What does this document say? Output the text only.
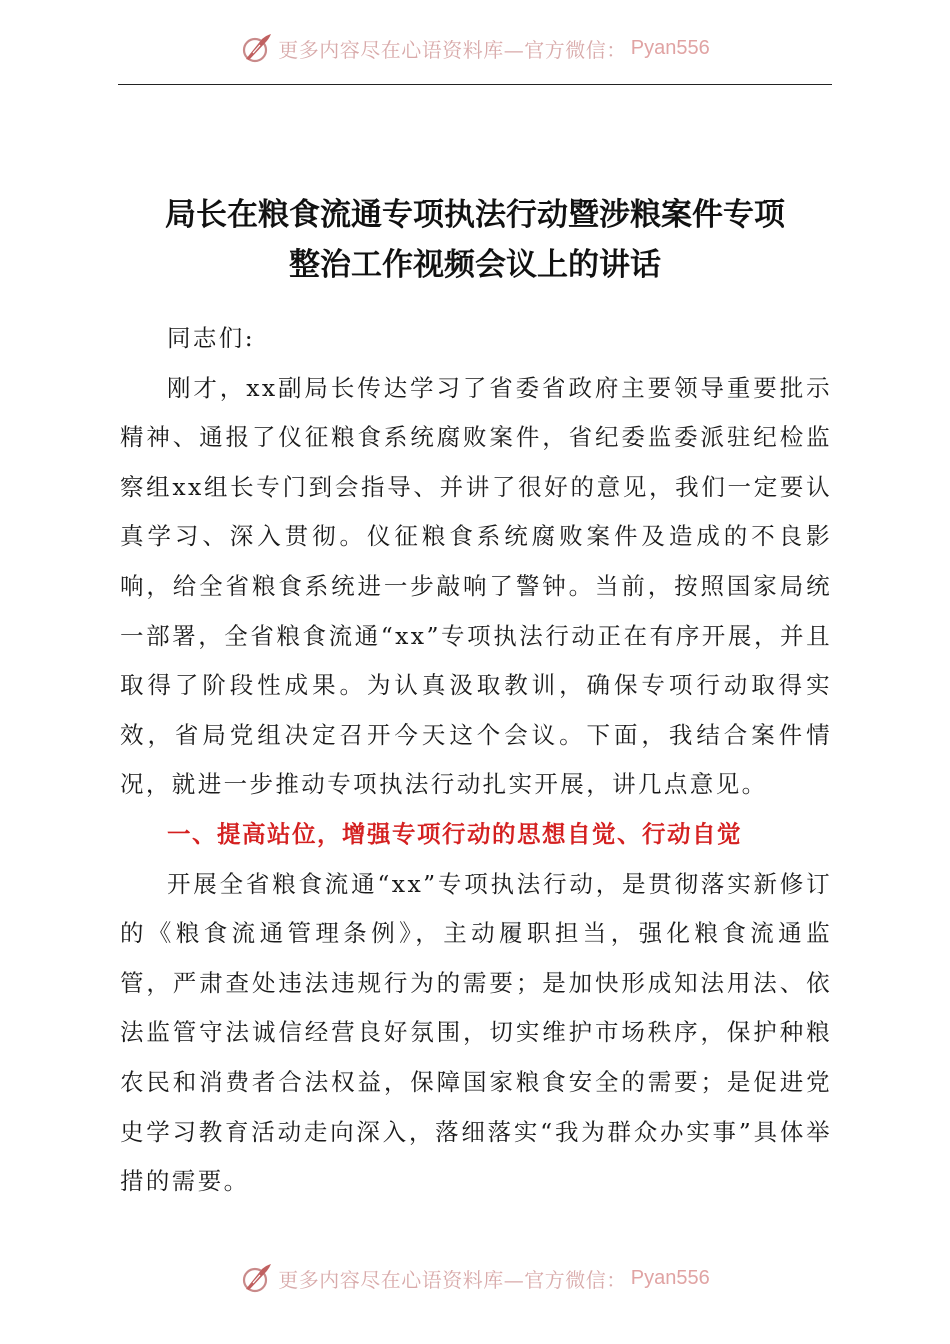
更多内容尽在心语资料库—官方微信： Pyan556
局长在粮食流通专项执法行动暨涉粮案件专项
整治工作视频会议上的讲话

同志们:

刚才，xx副局长传达学习了省委省政府主要领导重要批示精神、通报了仪征粮食系统腐败案件，省纪委监委派驻纪检监察组xx组长专门到会指导、并讲了很好的意见，我们一定要认真学习、深入贯彻。仪征粮食系统腐败案件及造成的不良影响，给全省粮食系统进一步敲响了警钟。当前，按照国家局统一部署，全省粮食流通“xx”专项执法行动正在有序开展，并且取得了阶段性成果。为认真汲取教训，确保专项行动取得实效，省局党组决定召开今天这个会议。下面，我结合案件情况，就进一步推动专项执法行动扎实开展，讲几点意见。

一、提高站位，增强专项行动的思想自觉、行动自觉

开展全省粮食流通“xx”专项执法行动，是贯彻落实新修订的《粮食流通管理条例》，主动履职担当，强化粮食流通监管，严肃查处违法违规行为的需要；是加快形成知法用法、依法监管守法诚信经营良好氛围，切实维护市场秩序，保护种粮农民和消费者合法权益，保障国家粮食安全的需要；是促进党史学习教育活动走向深入，落细落实“我为群众办实事”具体举措的需要。

更多内容尽在心语资料库—官方微信： Pyan556
